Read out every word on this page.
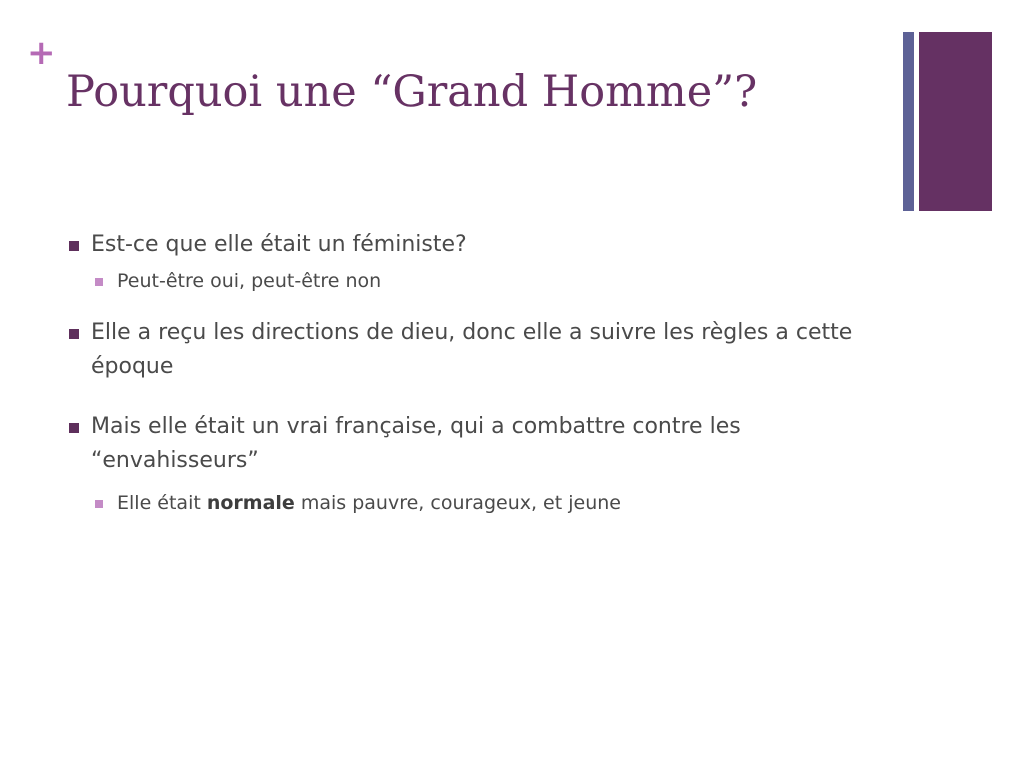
+
Pourquoi une “Grand Homme”?
Est-ce que elle était un féministe?
Peut-être oui, peut-être non
Elle a reçu les directions de dieu, donc elle a suivre les règles a cette époque
Mais elle était un vrai française, qui a combattre contre les “envahisseurs”
Elle était normale mais pauvre, courageux, et jeune
